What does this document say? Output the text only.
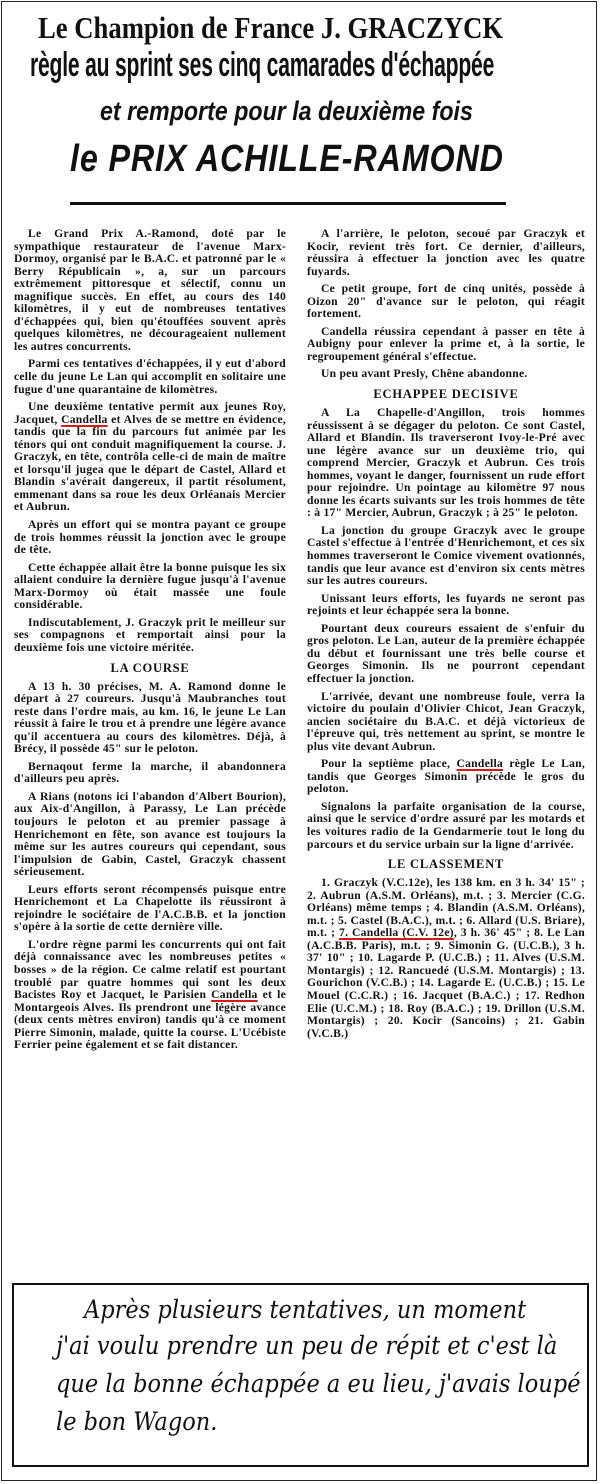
Le Champion de France J. GRACZYCK
règle au sprint ses cinq camarades d'échappée
et remporte pour la deuxième fois
le PRIX ACHILLE-RAMOND

Le Grand Prix A.-Ramond, doté par le sympathique restaurateur de l'avenue Marx-Dormoy, organisé par le B.A.C. et patronné par le « Berry Républicain », a, sur un parcours extrêmement pittoresque et sélectif, connu un magnifique succès. En effet, au cours des 140 kilomètres, il y eut de nombreuses tentatives d'échappées qui, bien qu'étouffées souvent après quelques kilomètres, ne décourageaient nullement les autres concurrents.

Parmi ces tentatives d'échappées, il y eut d'abord celle du jeune Le Lan qui accomplit en solitaire une fugue d'une quarantaine de kilomètres.

Une deuxième tentative permit aux jeunes Roy, Jacquet, Candella et Alves de se mettre en évidence, tandis que la fin du parcours fut animée par les ténors qui ont conduit magnifiquement la course. J. Graczyk, en tête, contrôla celle-ci de main de maître et lorsqu'il jugea que le départ de Castel, Allard et Blandin s'avérait dangereux, il partit résolument, emmenant dans sa roue les deux Orléanais Mercier et Aubrun.

Après un effort qui se montra payant ce groupe de trois hommes réussit la jonction avec le groupe de tête.

Cette échappée allait être la bonne puisque les six allaient conduire la dernière fugue jusqu'à l'avenue Marx-Dormoy où était massée une foule considérable.

Indiscutablement, J. Graczyk prit le meilleur sur ses compagnons et remportait ainsi pour la deuxième fois une victoire méritée.

LA COURSE

A 13 h. 30 précises, M. A. Ramond donne le départ à 27 coureurs. Jusqu'à Maubranches tout reste dans l'ordre mais, au km. 16, le jeune Le Lan réussit à faire le trou et à prendre une légère avance qu'il accentuera au cours des kilomètres. Déjà, à Brécy, il possède 45" sur le peloton.

Bernaqout ferme la marche, il abandonnera d'ailleurs peu après.

A Rians (notons ici l'abandon d'Albert Bourion), aux Aix-d'Angillon, à Parassy, Le Lan précède toujours le peloton et au premier passage à Henrichemont en fête, son avance est toujours la même sur les autres coureurs qui cependant, sous l'impulsion de Gabin, Castel, Graczyk chassent sérieusement.

Leurs efforts seront récompensés puisque entre Henrichemont et La Chapelotte ils réussiront à rejoindre le sociétaire de l'A.C.B.B. et la jonction s'opère à la sortie de cette dernière ville.

L'ordre règne parmi les concurrents qui ont fait déjà connaissance avec les nombreuses petites « bosses » de la région. Ce calme relatif est pourtant troublé par quatre hommes qui sont les deux Bacistes Roy et Jacquet, le Parisien Candella et le Montargeois Alves. Ils prendront une légère avance (deux cents mètres environ) tandis qu'à ce moment Pierre Simonin, malade, quitte la course. L'Ucébiste Ferrier peine également et se fait distancer.

A l'arrière, le peloton, secoué par Graczyk et Kocir, revient très fort. Ce dernier, d'ailleurs, réussira à effectuer la jonction avec les quatre fuyards.

Ce petit groupe, fort de cinq unités, possède à Oizon 20" d'avance sur le peloton, qui réagit fortement.

Candella réussira cependant à passer en tête à Aubigny pour enlever la prime et, à la sortie, le regroupement général s'effectue.

Un peu avant Presly, Chêne abandonne.

ECHAPPEE DECISIVE

A La Chapelle-d'Angillon, trois hommes réussissent à se dégager du peloton. Ce sont Castel, Allard et Blandin. Ils traverseront Ivoy-le-Pré avec une légère avance sur un deuxième trio, qui comprend Mercier, Graczyk et Aubrun. Ces trois hommes, voyant le danger, fournissent un rude effort pour rejoindre. Un pointage au kilomètre 97 nous donne les écarts suivants sur les trois hommes de tête : à 17" Mercier, Aubrun, Graczyk ; à 25" le peloton.

La jonction du groupe Graczyk avec le groupe Castel s'effectue à l'entrée d'Henrichemont, et ces six hommes traverseront le Comice vivement ovationnés, tandis que leur avance est d'environ six cents mètres sur les autres coureurs.

Unissant leurs efforts, les fuyards ne seront pas rejoints et leur échappée sera la bonne.

Pourtant deux coureurs essaient de s'enfuir du gros peloton. Le Lan, auteur de la première échappée du début et fournissant une très belle course et Georges Simonin. Ils ne pourront cependant effectuer la jonction.

L'arrivée, devant une nombreuse foule, verra la victoire du poulain d'Olivier Chicot, Jean Graczyk, ancien sociétaire du B.A.C. et déjà victorieux de l'épreuve qui, très nettement au sprint, se montre le plus vite devant Aubrun.

Pour la septième place, Candella règle Le Lan, tandis que Georges Simonin précède le gros du peloton.

Signalons la parfaite organisation de la course, ainsi que le service d'ordre assuré par les motards et les voitures radio de la Gendarmerie tout le long du parcours et du service urbain sur la ligne d'arrivée.

LE CLASSEMENT

1. Graczyk (V.C.12e), les 138 km. en 3 h. 34' 15" ; 2. Aubrun (A.S.M. Orléans), m.t. ; 3. Mercier (C.G. Orléans) même temps ; 4. Blandin (A.S.M. Orléans), m.t. ; 5. Castel (B.A.C.), m.t. ; 6. Allard (U.S. Briare), m.t. ; 7. Candella (C.V. 12e), 3 h. 36' 45" ; 8. Le Lan (A.C.B.B. Paris), m.t. ; 9. Simonin G. (U.C.B.), 3 h. 37' 10" ; 10. Lagarde P. (U.C.B.) ; 11. Alves (U.S.M. Montargis) ; 12. Rancuedé (U.S.M. Montargis) ; 13. Gourichon (V.C.B.) ; 14. Lagarde E. (U.C.B.) ; 15. Le Mouel (C.C.R.) ; 16. Jacquet (B.A.C.) ; 17. Redhon Elie (U.C.M.) ; 18. Roy (B.A.C.) ; 19. Drillon (U.S.M. Montargis) ; 20. Kocir (Sancoins) ; 21. Gabin (V.C.B.)

Après plusieurs tentatives, un moment
j'ai voulu prendre un peu de répit et c'est là
que la bonne échappée a eu lieu, j'avais loupé
le bon Wagon.
